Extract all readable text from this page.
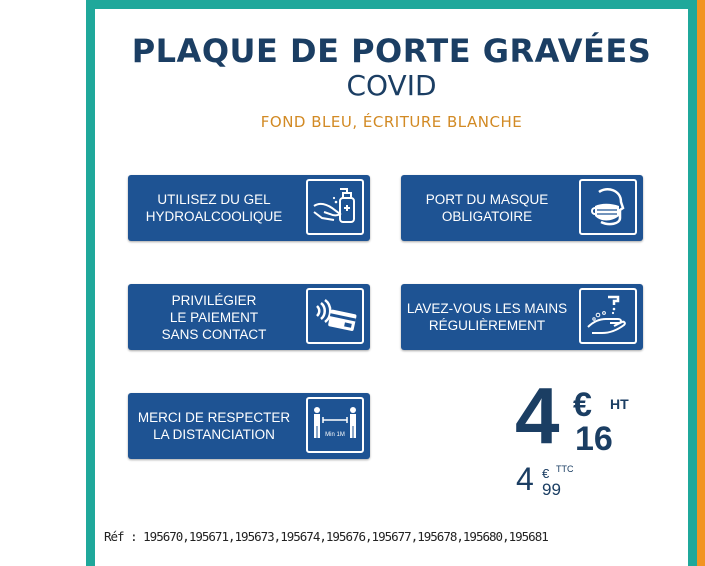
PLAQUE DE PORTE GRAVÉES
COVID
FOND BLEU, ÉCRITURE BLANCHE
UTILISEZ DU GEL
HYDROALCOOLIQUE
PORT DU MASQUE
OBLIGATOIRE
PRIVILÉGIER
LE PAIEMENT
SANS CONTACT
LAVEZ-VOUS LES MAINS
RÉGULIÈREMENT
MERCI DE RESPECTER
LA DISTANCIATION	Min 1M 4 € HT
16
4 € TTC
99
Réf : 195670,195671,195673,195674,195676,195677,195678,195680,195681
